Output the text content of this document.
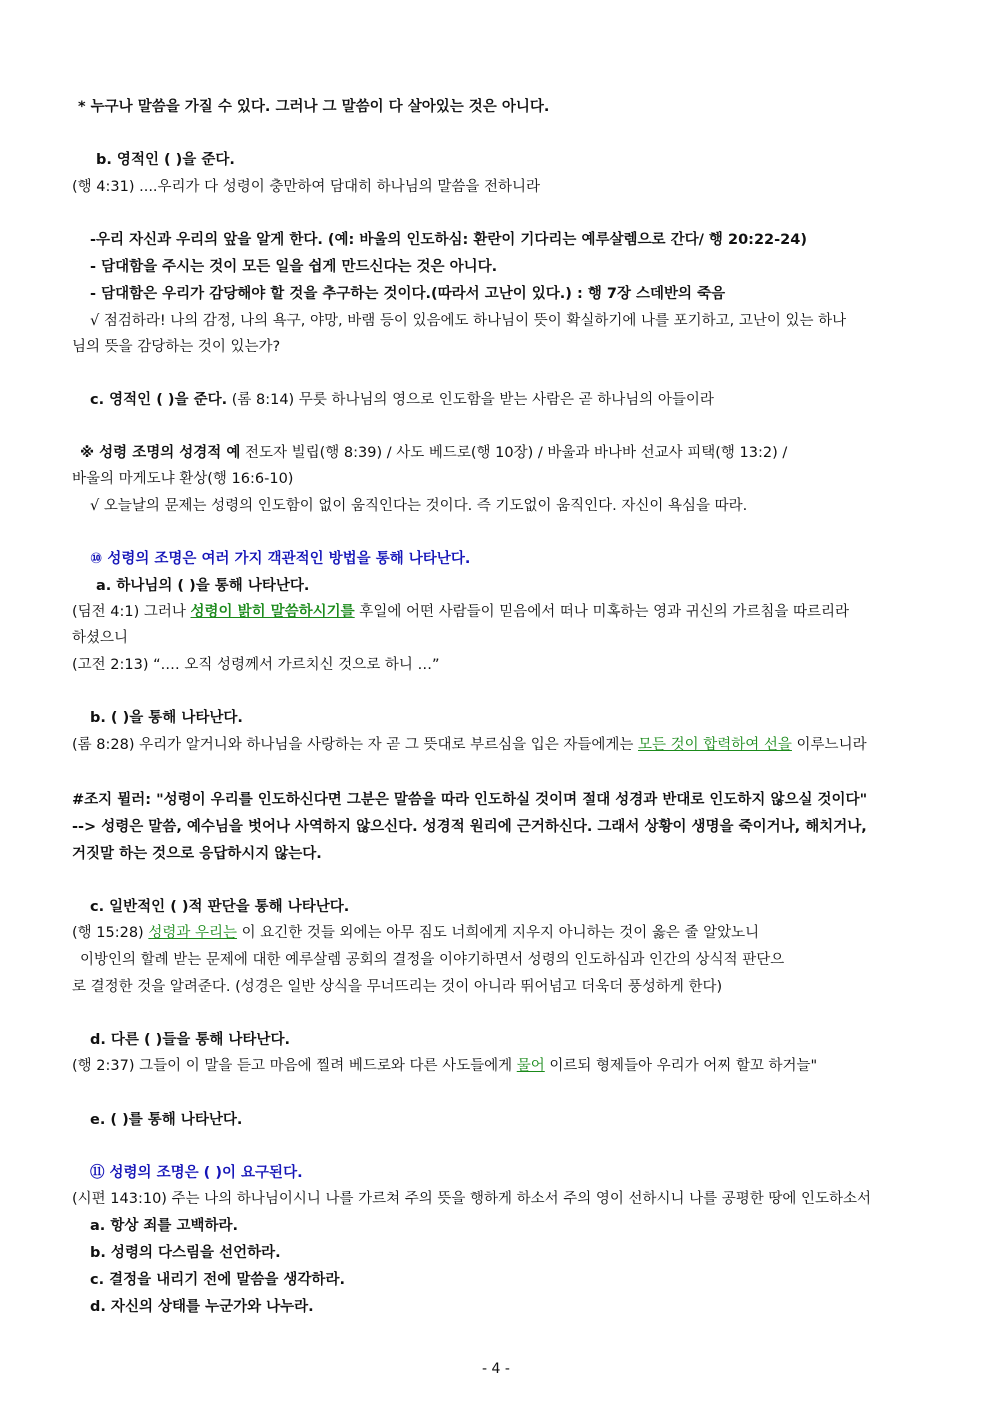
* 누구나 말씀을 가질 수 있다. 그러나 그 말씀이 다 살아있는 것은 아니다.
b. 영적인 ( )을 준다.
(행 4:31) ....우리가 다 성령이 충만하여 담대히 하나님의 말씀을 전하니라
-우리 자신과 우리의 앞을 알게 한다. (예: 바울의 인도하심: 환란이 기다리는 예루살렘으로 간다/ 행 20:22-24)
- 담대함을 주시는 것이 모든 일을 쉽게 만드신다는 것은 아니다.
- 담대함은 우리가 감당해야 할 것을 추구하는 것이다.(따라서 고난이 있다.) : 행 7장 스데반의 죽음
√ 점검하라! 나의 감정, 나의 욕구, 야망, 바램 등이 있음에도 하나님이 뜻이 확실하기에 나를 포기하고, 고난이 있는 하나
님의 뜻을 감당하는 것이 있는가?
c. 영적인 ( )을 준다. (롬 8:14) 무릇 하나님의 영으로 인도함을 받는 사람은 곧 하나님의 아들이라
※ 성령 조명의 성경적 예 전도자 빌립(행 8:39) / 사도 베드로(행 10장) / 바울과 바나바 선교사 피택(행 13:2) /
바울의 마게도냐 환상(행 16:6-10)
√ 오늘날의 문제는 성령의 인도함이 없이 움직인다는 것이다. 즉 기도없이 움직인다. 자신이 욕심을 따라.
⑩ 성령의 조명은 여러 가지 객관적인 방법을 통해 나타난다.
a. 하나님의 ( )을 통해 나타난다.
(딤전 4:1) 그러나 성령이 밝히 말씀하시기를 후일에 어떤 사람들이 믿음에서 떠나 미혹하는 영과 귀신의 가르침을 따르리라
하셨으니
(고전 2:13) “.… 오직 성령께서 가르치신 것으로 하니 …”
b. ( )을 통해 나타난다.
(롬 8:28) 우리가 알거니와 하나님을 사랑하는 자 곧 그 뜻대로 부르심을 입은 자들에게는 모든 것이 합력하여 선을 이루느니라
#조지 뮐러: "성령이 우리를 인도하신다면 그분은 말씀을 따라 인도하실 것이며 절대 성경과 반대로 인도하지 않으실 것이다"
--> 성령은 말씀, 예수님을 벗어나 사역하지 않으신다. 성경적 원리에 근거하신다. 그래서 상황이 생명을 죽이거나, 해치거나,
거짓말 하는 것으로 응답하시지 않는다.
c. 일반적인 ( )적 판단을 통해 나타난다.
(행 15:28) 성령과 우리는 이 요긴한 것들 외에는 아무 짐도 너희에게 지우지 아니하는 것이 옳은 줄 알았노니
이방인의 할례 받는 문제에 대한 예루살렘 공회의 결정을 이야기하면서 성령의 인도하심과 인간의 상식적 판단으
로 결정한 것을 알려준다. (성경은 일반 상식을 무너뜨리는 것이 아니라 뛰어넘고 더욱더 풍성하게 한다)
d. 다른 ( )들을 통해 나타난다.
(행 2:37) 그들이 이 말을 듣고 마음에 찔려 베드로와 다른 사도들에게 물어 이르되 형제들아 우리가 어찌 할꼬 하거늘"
e. ( )를 통해 나타난다.
⑪ 성령의 조명은 ( )이 요구된다.
(시편 143:10) 주는 나의 하나님이시니 나를 가르쳐 주의 뜻을 행하게 하소서 주의 영이 선하시니 나를 공평한 땅에 인도하소서
a. 항상 죄를 고백하라.
b. 성령의 다스림을 선언하라.
c. 결정을 내리기 전에 말씀을 생각하라.
d. 자신의 상태를 누군가와 나누라.
- 4 -
